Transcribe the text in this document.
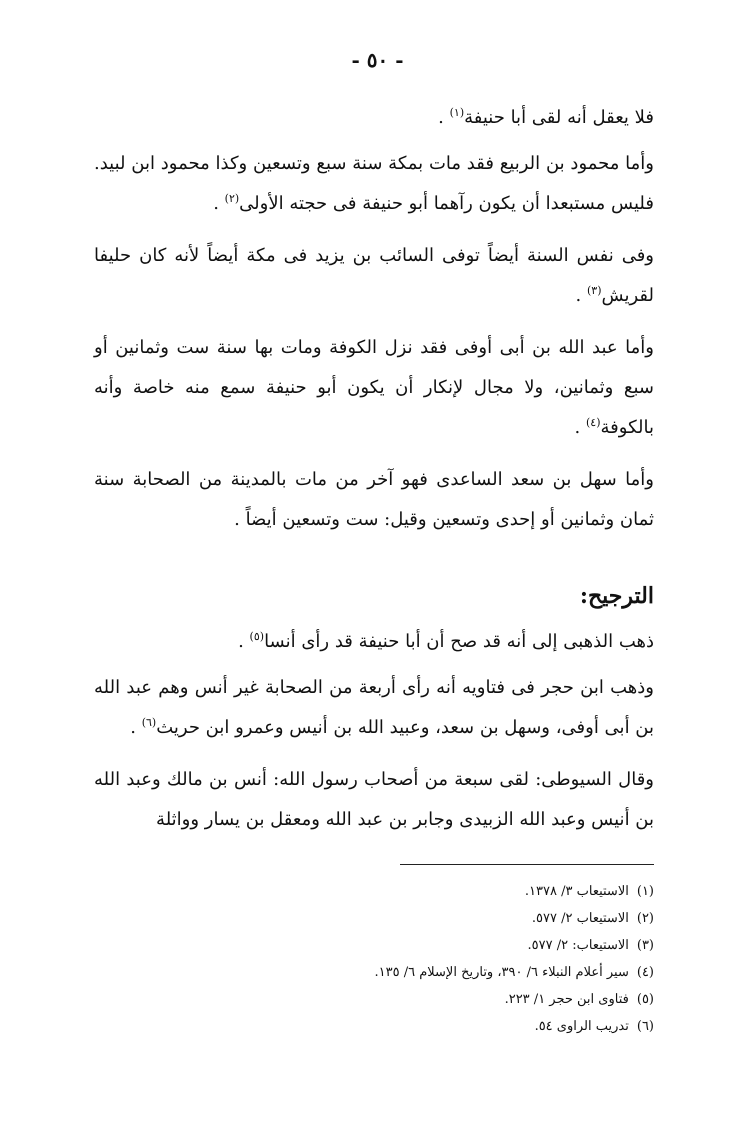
- ٥٠ -

فلا يعقل أنه لقى أبا حنيفة$^{(١)}$ .

وأما محمود بن الربيع فقد مات بمكة سنة سبع وتسعين وكذا محمود ابن لبيد. فليس مستبعدا أن يكون رآهما أبو حنيفة فى حجته الأولى$^{(٢)}$ .

وفى نفس السنة أيضاً توفى السائب بن يزيد فى مكة أيضاً لأنه كان حليفا لقريش$^{(٣)}$ .

وأما عبد الله بن أبى أوفى فقد نزل الكوفة ومات بها سنة ست وثمانين أو سبع وثمانين، ولا مجال لإنكار أن يكون أبو حنيفة سمع منه خاصة وأنه بالكوفة$^{(٤)}$ .

وأما سهل بن سعد الساعدى فهو آخر من مات بالمدينة من الصحابة سنة ثمان وثمانين أو إحدى وتسعين وقيل: ست وتسعين أيضاً .

الترجيح:

ذهب الذهبى إلى أنه قد صح أن أبا حنيفة قد رأى أنسا$^{(٥)}$ .

وذهب ابن حجر فى فتاويه أنه رأى أربعة من الصحابة غير أنس وهم عبد الله بن أبى أوفى، وسهل بن سعد، وعبيد الله بن أنيس وعمرو ابن حريث$^{(٦)}$ .

وقال السيوطى: لقى سبعة من أصحاب رسول الله: أنس بن مالك وعبد الله بن أنيس وعبد الله الزبيدى وجابر بن عبد الله ومعقل بن يسار وواثلة

(١)الاستيعاب ٣/ ١٣٧٨.
(٢)الاستيعاب ٢/ ٥٧٧.
(٣)الاستيعاب: ٢/ ٥٧٧.
(٤)سير أعلام النبلاء ٦/ ٣٩٠، وتاريخ الإسلام ٦/ ١٣٥.
(٥)فتاوى ابن حجر ١/ ٢٢٣.
(٦)تدريب الراوى ٥٤.
